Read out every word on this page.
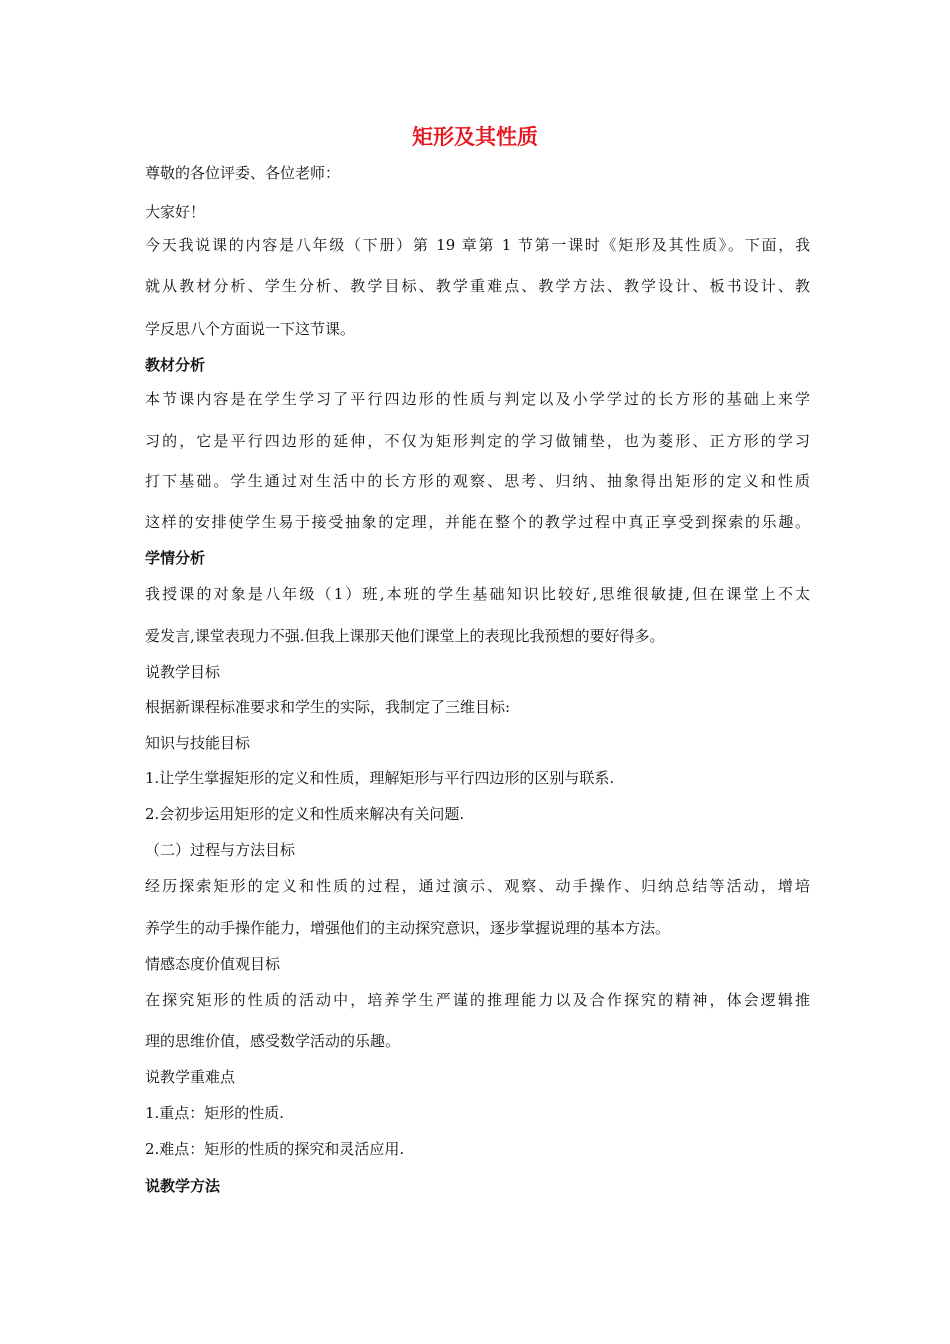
矩形及其性质
尊敬的各位评委、各位老师：
大家好！
今天我说课的内容是八年级（下册）第 19 章第 1 节第一课时《矩形及其性质》。下面，我
就从教材分析、学生分析、教学目标、教学重难点、教学方法、教学设计、板书设计、教
学反思八个方面说一下这节课。
教材分析
本节课内容是在学生学习了平行四边形的性质与判定以及小学学过的长方形的基础上来学
习的，它是平行四边形的延伸，不仅为矩形判定的学习做铺垫，也为菱形、正方形的学习
打下基础。学生通过对生活中的长方形的观察、思考、归纳、抽象得出矩形的定义和性质
这样的安排使学生易于接受抽象的定理，并能在整个的教学过程中真正享受到探索的乐趣。
学情分析
我授课的对象是八年级（1）班,本班的学生基础知识比较好,思维很敏捷,但在课堂上不太
爱发言,课堂表现力不强.但我上课那天他们课堂上的表现比我预想的要好得多。
说教学目标
根据新课程标准要求和学生的实际，我制定了三维目标:
知识与技能目标
1.让学生掌握矩形的定义和性质，理解矩形与平行四边形的区别与联系.
2.会初步运用矩形的定义和性质来解决有关问题.
（二）过程与方法目标
经历探索矩形的定义和性质的过程，通过演示、观察、动手操作、归纳总结等活动，增培
养学生的动手操作能力，增强他们的主动探究意识，逐步掌握说理的基本方法。
情感态度价值观目标
在探究矩形的性质的活动中，培养学生严谨的推理能力以及合作探究的精神，体会逻辑推
理的思维价值，感受数学活动的乐趣。
说教学重难点
1.重点：矩形的性质.
2.难点：矩形的性质的探究和灵活应用.
说教学方法
